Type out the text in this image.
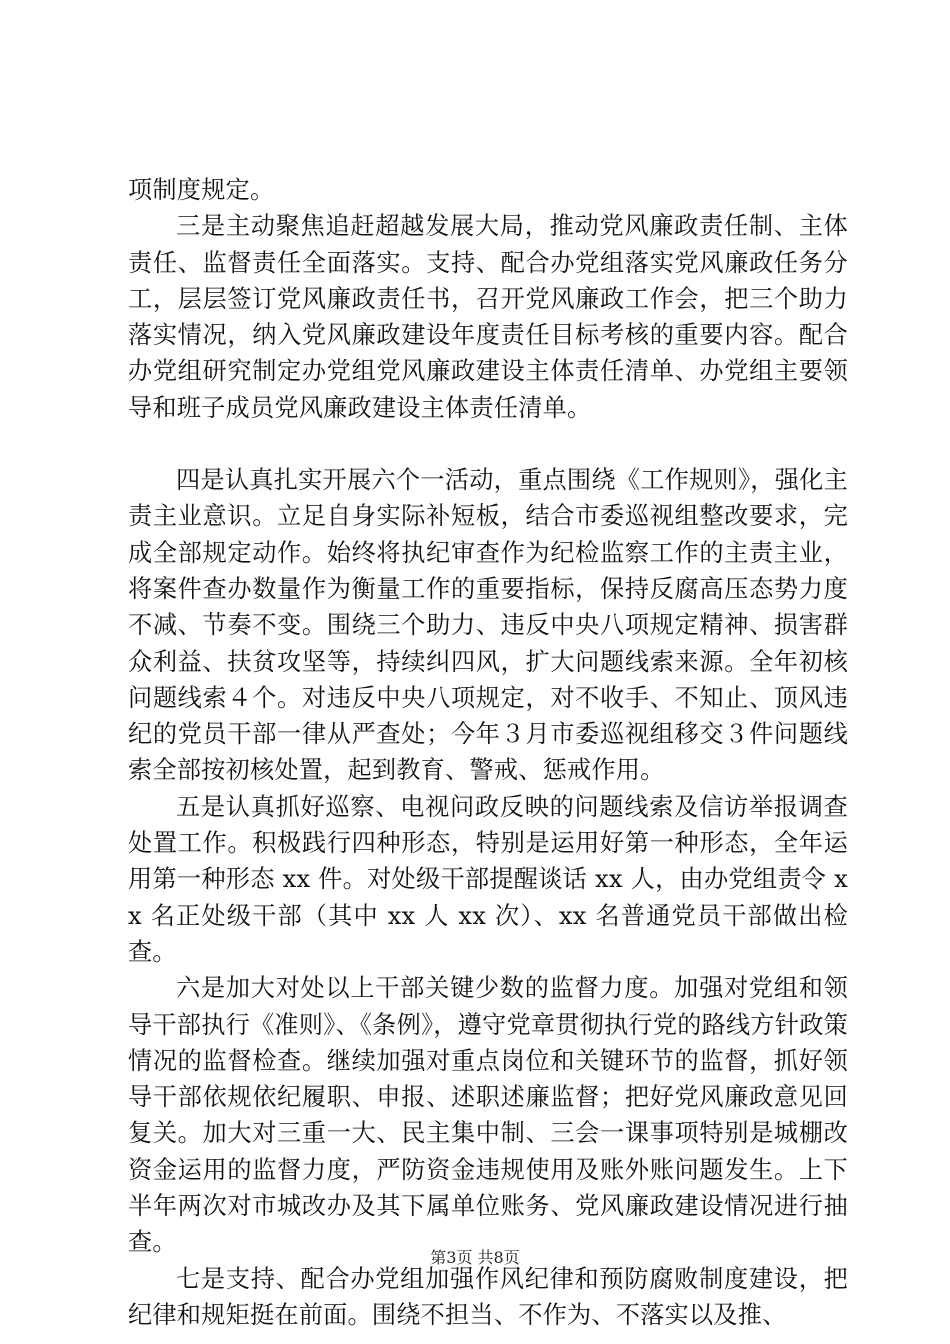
项制度规定。

三是主动聚焦追赶超越发展大局，推动党风廉政责任制、主体责任、监督责任全面落实。支持、配合办党组落实党风廉政任务分工，层层签订党风廉政责任书，召开党风廉政工作会，把三个助力落实情况，纳入党风廉政建设年度责任目标考核的重要内容。配合办党组研究制定办党组党风廉政建设主体责任清单、办党组主要领导和班子成员党风廉政建设主体责任清单。

四是认真扎实开展六个一活动，重点围绕《工作规则》，强化主责主业意识。立足自身实际补短板，结合市委巡视组整改要求，完成全部规定动作。始终将执纪审查作为纪检监察工作的主责主业，将案件查办数量作为衡量工作的重要指标，保持反腐高压态势力度不减、节奏不变。围绕三个助力、违反中央八项规定精神、损害群众利益、扶贫攻坚等，持续纠四风，扩大问题线索来源。全年初核问题线索４个。对违反中央八项规定，对不收手、不知止、顶风违纪的党员干部一律从严查处；今年３月市委巡视组移交３件问题线索全部按初核处置，起到教育、警戒、惩戒作用。

五是认真抓好巡察、电视问政反映的问题线索及信访举报调查处置工作。积极践行四种形态，特别是运用好第一种形态，全年运用第一种形态 xx 件。对处级干部提醒谈话 xx 人，由办党组责令 xx 名正处级干部（其中 xx 人 xx 次）、xx 名普通党员干部做出检查。

六是加大对处以上干部关键少数的监督力度。加强对党组和领导干部执行《准则》、《条例》，遵守党章贯彻执行党的路线方针政策情况的监督检查。继续加强对重点岗位和关键环节的监督，抓好领导干部依规依纪履职、申报、述职述廉监督；把好党风廉政意见回复关。加大对三重一大、民主集中制、三会一课事项特别是城棚改资金运用的监督力度，严防资金违规使用及账外账问题发生。上下半年两次对市城改办及其下属单位账务、党风廉政建设情况进行抽查。

七是支持、配合办党组加强作风纪律和预防腐败制度建设，把纪律和规矩挺在前面。围绕不担当、不作为、不落实以及推、

第3页 共8页
